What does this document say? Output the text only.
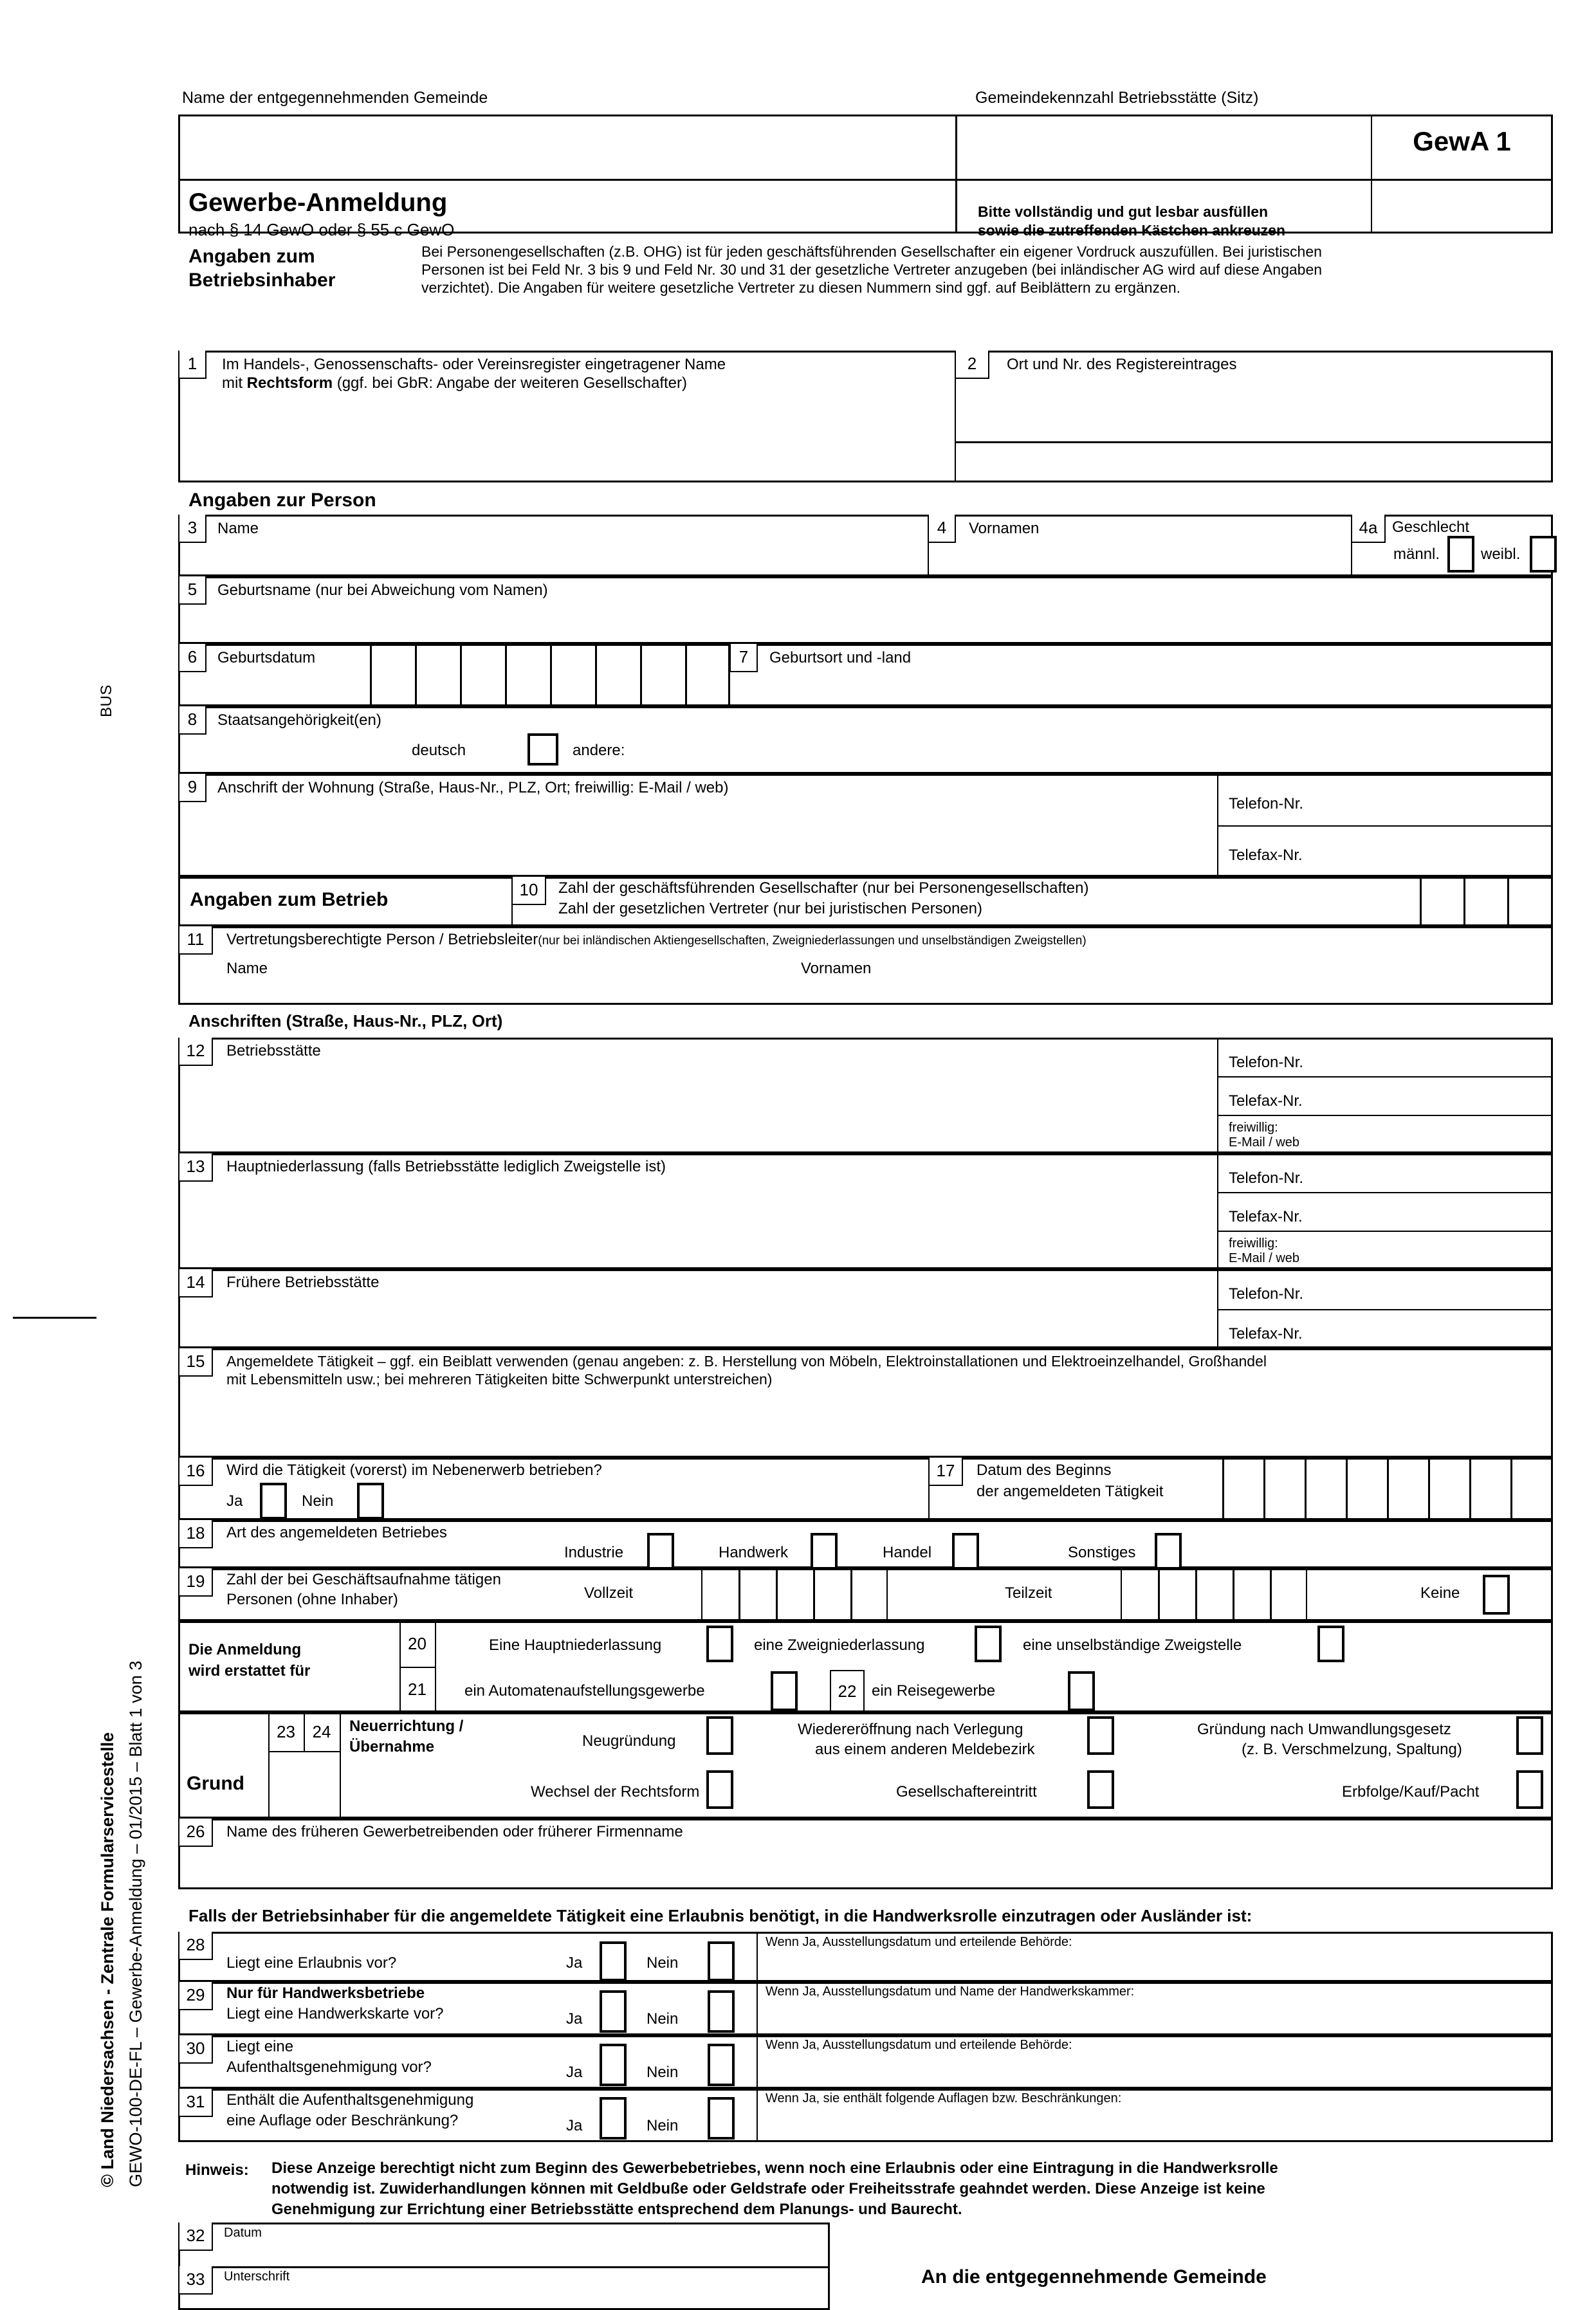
BUS
© Land Niedersachsen - Zentrale Formularservicestelle GEWO-100-DE-FL – Gewerbe-Anmeldung – 01/2015 – Blatt 1 von 3
Name der entgegennehmenden Gemeinde	Gemeindekennzahl Betriebsstätte (Sitz)
GewA 1
Gewerbe-Anmeldung
nach § 14 GewO oder § 55 c GewO
Bitte vollständig und gut lesbar ausfüllen
sowie die zutreffenden Kästchen ankreuzen
Angaben zum
Betriebsinhaber
Bei Personengesellschaften (z.B. OHG) ist für jeden geschäftsführenden Gesellschafter ein eigener Vordruck auszufüllen. Bei juristischen
Personen ist bei Feld Nr. 3 bis 9 und Feld Nr. 30 und 31 der gesetzliche Vertreter anzugeben (bei inländischer AG wird auf diese Angaben
verzichtet). Die Angaben für weitere gesetzliche Vertreter zu diesen Nummern sind ggf. auf Beiblättern zu ergänzen.
1	Im Handels-, Genossenschafts- oder Vereinsregister eingetragener Name
mit Rechtsform (ggf. bei GbR: Angabe der weiteren Gesellschafter)
2	Ort und Nr. des Registereintrages
Angaben zur Person
3	Name	4	Vornamen	4a Geschlecht
männl.	weibl.
5	Geburtsname (nur bei Abweichung vom Namen)
6	Geburtsdatum	7	Geburtsort und -land
8	Staatsangehörigkeit(en)
deutsch	andere:
9	Anschrift der Wohnung (Straße, Haus-Nr., PLZ, Ort; freiwillig: E-Mail / web)
Telefon-Nr.
Telefax-Nr.
Angaben zum Betrieb	10	Zahl der geschäftsführenden Gesellschafter (nur bei Personengesellschaften)
Zahl der gesetzlichen Vertreter (nur bei juristischen Personen)
11	Vertretungsberechtigte Person / Betriebsleiter(nur bei inländischen Aktiengesellschaften, Zweigniederlassungen und unselbständigen Zweigstellen)
Name	Vornamen
Anschriften (Straße, Haus-Nr., PLZ, Ort)
12	Betriebsstätte
Telefon-Nr.
Telefax-Nr.
freiwillig:
E-Mail / web
13	Hauptniederlassung (falls Betriebsstätte lediglich Zweigstelle ist)
Telefon-Nr.
Telefax-Nr.
freiwillig:
E-Mail / web
14	Frühere Betriebsstätte
Telefon-Nr.
Telefax-Nr.
15	Angemeldete Tätigkeit – ggf. ein Beiblatt verwenden (genau angeben: z. B. Herstellung von Möbeln, Elektroinstallationen und Elektroeinzelhandel, Großhandel
mit Lebensmitteln usw.; bei mehreren Tätigkeiten bitte Schwerpunkt unterstreichen)
16	Wird die Tätigkeit (vorerst) im Nebenerwerb betrieben?
Ja	Nein
17	Datum des Beginns
der angemeldeten Tätigkeit
18	Art des angemeldeten Betriebes
Industrie	Handwerk	Handel	Sonstiges
19	Zahl der bei Geschäftsaufnahme tätigen
Personen (ohne Inhaber)	Vollzeit	Teilzeit	Keine
Die Anmeldung
wird erstattet für
20
21
Eine Hauptniederlassung	eine Zweigniederlassung	eine unselbständige Zweigstelle
ein Automatenaufstellungsgewerbe	22 ein Reisegewerbe
Grund
23	24	Neuerrichtung /
Übernahme	Neugründung
Wiedereröffnung nach Verlegung
aus einem anderen Meldebezirk
Gründung nach Umwandlungsgesetz
(z. B. Verschmelzung, Spaltung)
Wechsel der Rechtsform	Gesellschaftereintritt	Erbfolge/Kauf/Pacht
26	Name des früheren Gewerbetreibenden oder früherer Firmenname
Falls der Betriebsinhaber für die angemeldete Tätigkeit eine Erlaubnis benötigt, in die Handwerksrolle einzutragen oder Ausländer ist:
28
Liegt eine Erlaubnis vor?	Ja	Nein
Wenn Ja, Ausstellungsdatum und erteilende Behörde:
29	Nur für Handwerksbetriebe
Liegt eine Handwerkskarte vor?	Ja	Nein
Wenn Ja, Ausstellungsdatum und Name der Handwerkskammer:
30	Liegt eine
Aufenthaltsgenehmigung vor?	Ja	Nein
Wenn Ja, Ausstellungsdatum und erteilende Behörde:
31	Enthält die Aufenthaltsgenehmigung
eine Auflage oder Beschränkung?	Ja	Nein
Wenn Ja, sie enthält folgende Auflagen bzw. Beschränkungen:
Hinweis: Diese Anzeige berechtigt nicht zum Beginn des Gewerbebetriebes, wenn noch eine Erlaubnis oder eine Eintragung in die Handwerksrolle
notwendig ist. Zuwiderhandlungen können mit Geldbuße oder Geldstrafe oder Freiheitsstrafe geahndet werden. Diese Anzeige ist keine
Genehmigung zur Errichtung einer Betriebsstätte entsprechend dem Planungs- und Baurecht.
32	Datum
33	Unterschrift	An die entgegennehmende Gemeinde
